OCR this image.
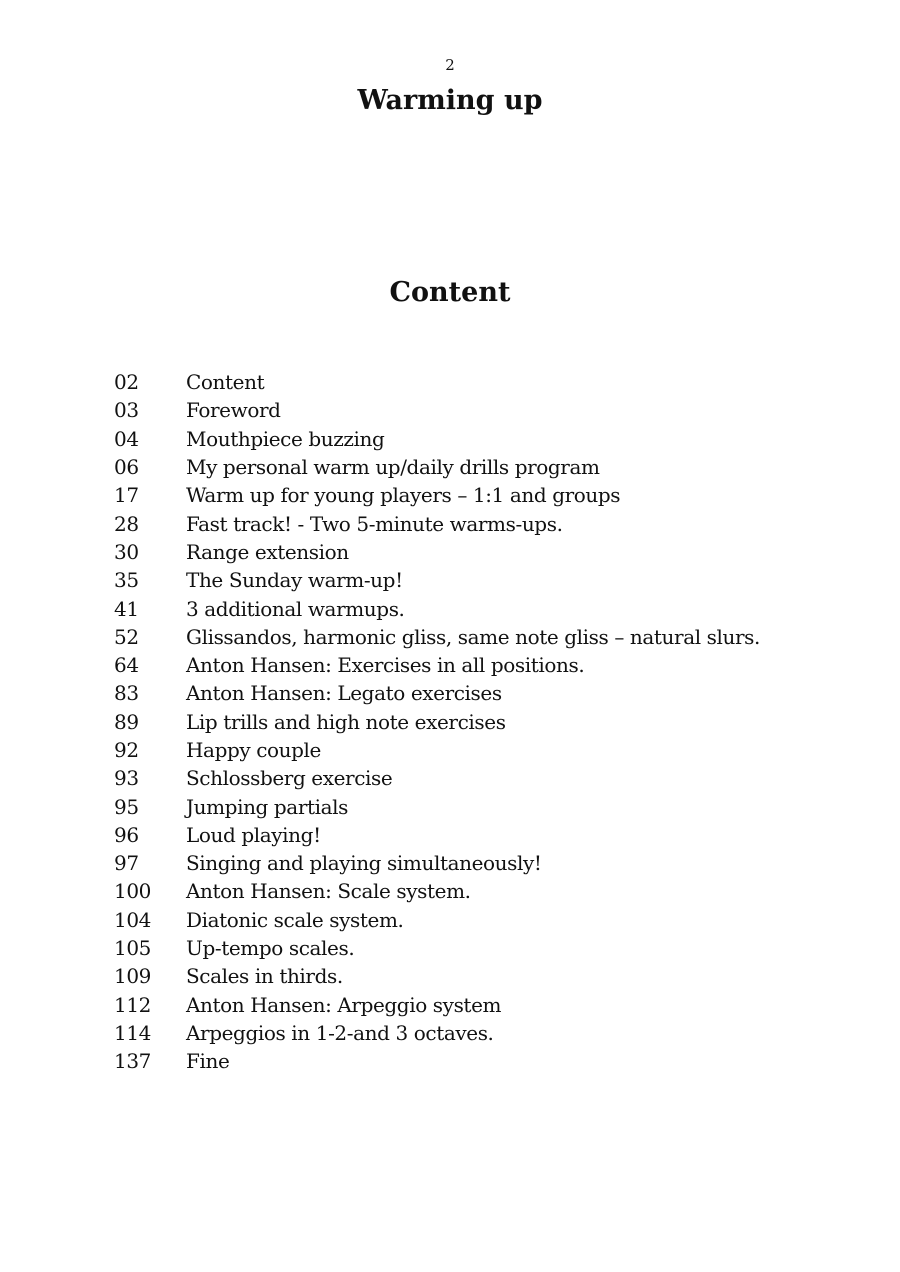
2
Warming up
Content
02	Content
03	Foreword
04	Mouthpiece buzzing
06	My personal warm up/daily drills program
17	Warm up for young players – 1:1 and groups
28	Fast track! - Two 5-minute warms-ups.
30	Range extension
35	The Sunday warm-up!
41	3 additional warmups.
52	Glissandos, harmonic gliss, same note gliss – natural slurs.
64	Anton Hansen: Exercises in all positions.
83	Anton Hansen: Legato exercises
89	Lip trills and high note exercises
92	Happy couple
93	Schlossberg exercise
95	Jumping partials
96	Loud playing!
97	Singing and playing simultaneously!
100	Anton Hansen: Scale system.
104	Diatonic scale system.
105	Up-tempo scales.
109	Scales in thirds.
112	Anton Hansen: Arpeggio system
114	Arpeggios in 1-2-and 3 octaves.
137	Fine
